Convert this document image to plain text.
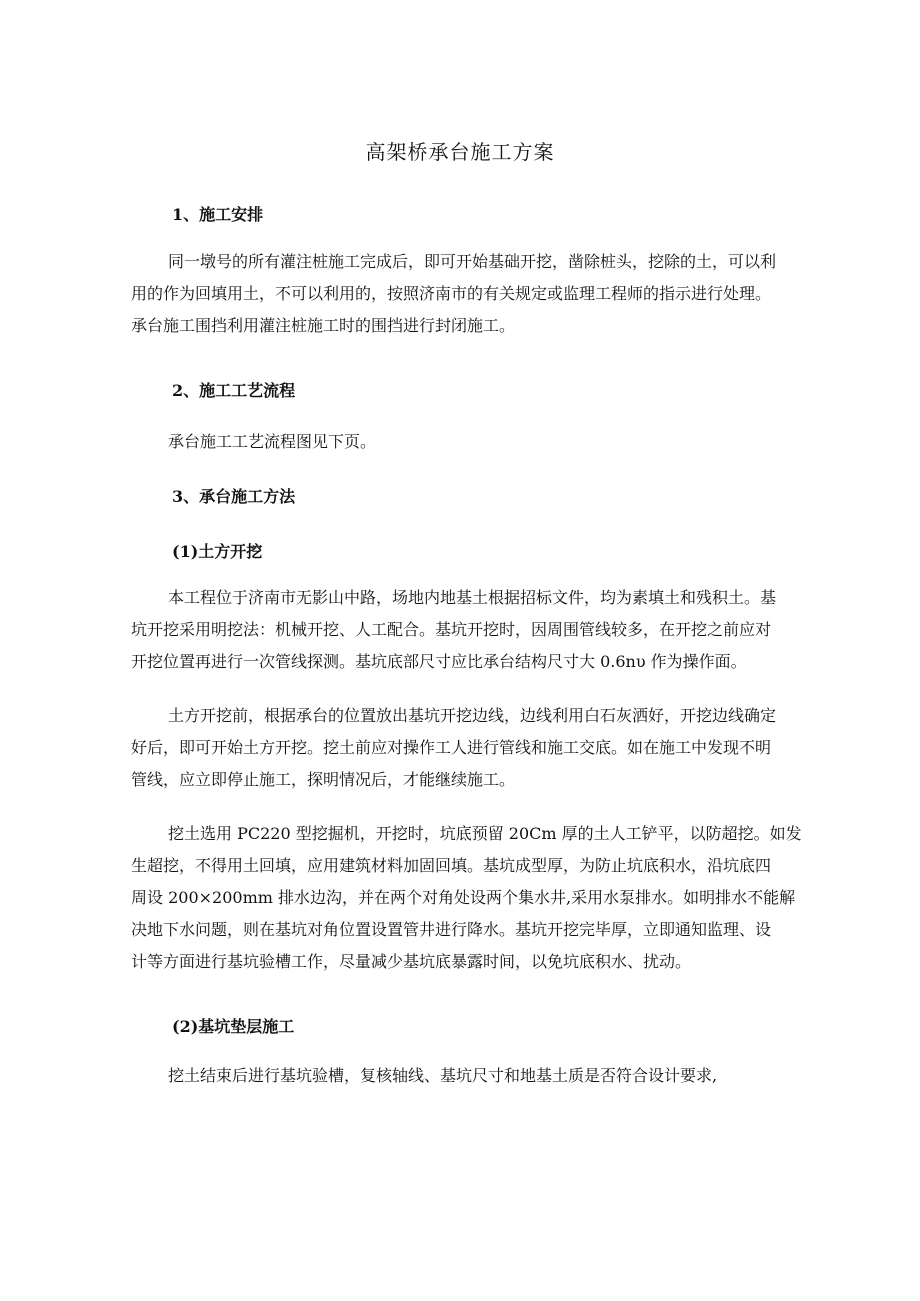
高架桥承台施工方案
1、施工安排

同一墩号的所有灌注桩施工完成后，即可开始基础开挖，凿除桩头，挖除的土，可以利
用的作为回填用土，不可以利用的，按照济南市的有关规定或监理工程师的指示进行处理。
承台施工围挡利用灌注桩施工时的围挡进行封闭施工。

2、施工工艺流程

承台施工工艺流程图见下页。

3、承台施工方法
(1)土方开挖

本工程位于济南市无影山中路，场地内地基土根据招标文件，均为素填土和残积土。基
坑开挖采用明挖法：机械开挖、人工配合。基坑开挖时，因周围管线较多，在开挖之前应对
开挖位置再进行一次管线探测。基坑底部尺寸应比承台结构尺寸大 0.6nυ 作为操作面。

土方开挖前，根据承台的位置放出基坑开挖边线，边线利用白石灰洒好，开挖边线确定
好后，即可开始土方开挖。挖土前应对操作工人进行管线和施工交底。如在施工中发现不明
管线，应立即停止施工，探明情况后，才能继续施工。

挖土选用 PC220 型挖掘机，开挖时，坑底预留 20Cm 厚的土人工铲平，以防超挖。如发
生超挖，不得用土回填，应用建筑材料加固回填。基坑成型厚，为防止坑底积水，沿坑底四
周设 200×200mm 排水边沟，并在两个对角处设两个集水井,采用水泵排水。如明排水不能解
决地下水问题，则在基坑对角位置设置管井进行降水。基坑开挖完毕厚，立即通知监理、设
计等方面进行基坑验槽工作，尽量减少基坑底暴露时间，以免坑底积水、扰动。

(2)基坑垫层施工

挖土结束后进行基坑验槽，复核轴线、基坑尺寸和地基土质是否符合设计要求,
